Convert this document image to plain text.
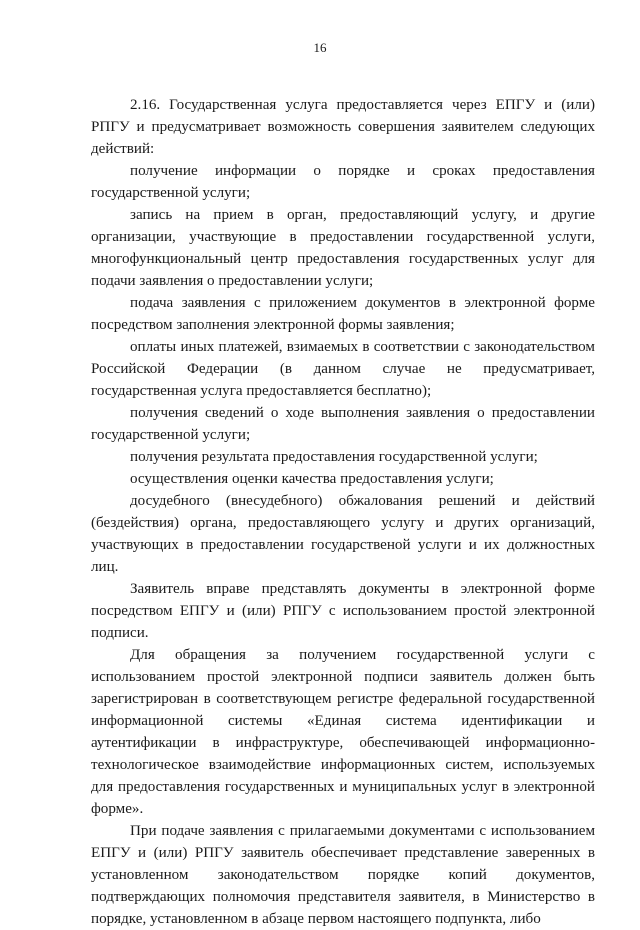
16

2.16. Государственная услуга предоставляется через ЕПГУ и (или) РПГУ и предусматривает возможность совершения заявителем следующих действий:

получение информации о порядке и сроках предоставления государственной услуги;

запись на прием в орган, предоставляющий услугу, и другие организации, участвующие в предоставлении государственной услуги, многофункциональный центр предоставления государственных услуг для подачи заявления о предоставлении услуги;

подача заявления с приложением документов в электронной форме посредством заполнения электронной формы заявления;

оплаты иных платежей, взимаемых в соответствии с законодательством Российской Федерации (в данном случае не предусматривает, государственная услуга предоставляется бесплатно);

получения сведений о ходе выполнения заявления о предоставлении государственной услуги;

получения результата предоставления государственной услуги;

осуществления оценки качества предоставления услуги;

досудебного (внесудебного) обжалования решений и действий (бездействия) органа, предоставляющего услугу и других организаций, участвующих в предоставлении государственой услуги и их должностных лиц.

Заявитель вправе представлять документы в электронной форме посредством ЕПГУ и (или) РПГУ с использованием простой электронной подписи.

Для обращения за получением государственной услуги с использованием простой электронной подписи заявитель должен быть зарегистрирован в соответствующем регистре федеральной государственной информационной системы «Единая система идентификации и аутентификации в инфраструктуре, обеспечивающей информационно-технологическое взаимодействие информационных систем, используемых для предоставления государственных и муниципальных услуг в электронной форме».

При подаче заявления с прилагаемыми документами с использованием ЕПГУ и (или) РПГУ заявитель обеспечивает представление заверенных в установленном законодательством порядке копий документов, подтверждающих полномочия представителя заявителя, в Министерство в порядке, установленном в абзаце первом настоящего подпункта, либо
